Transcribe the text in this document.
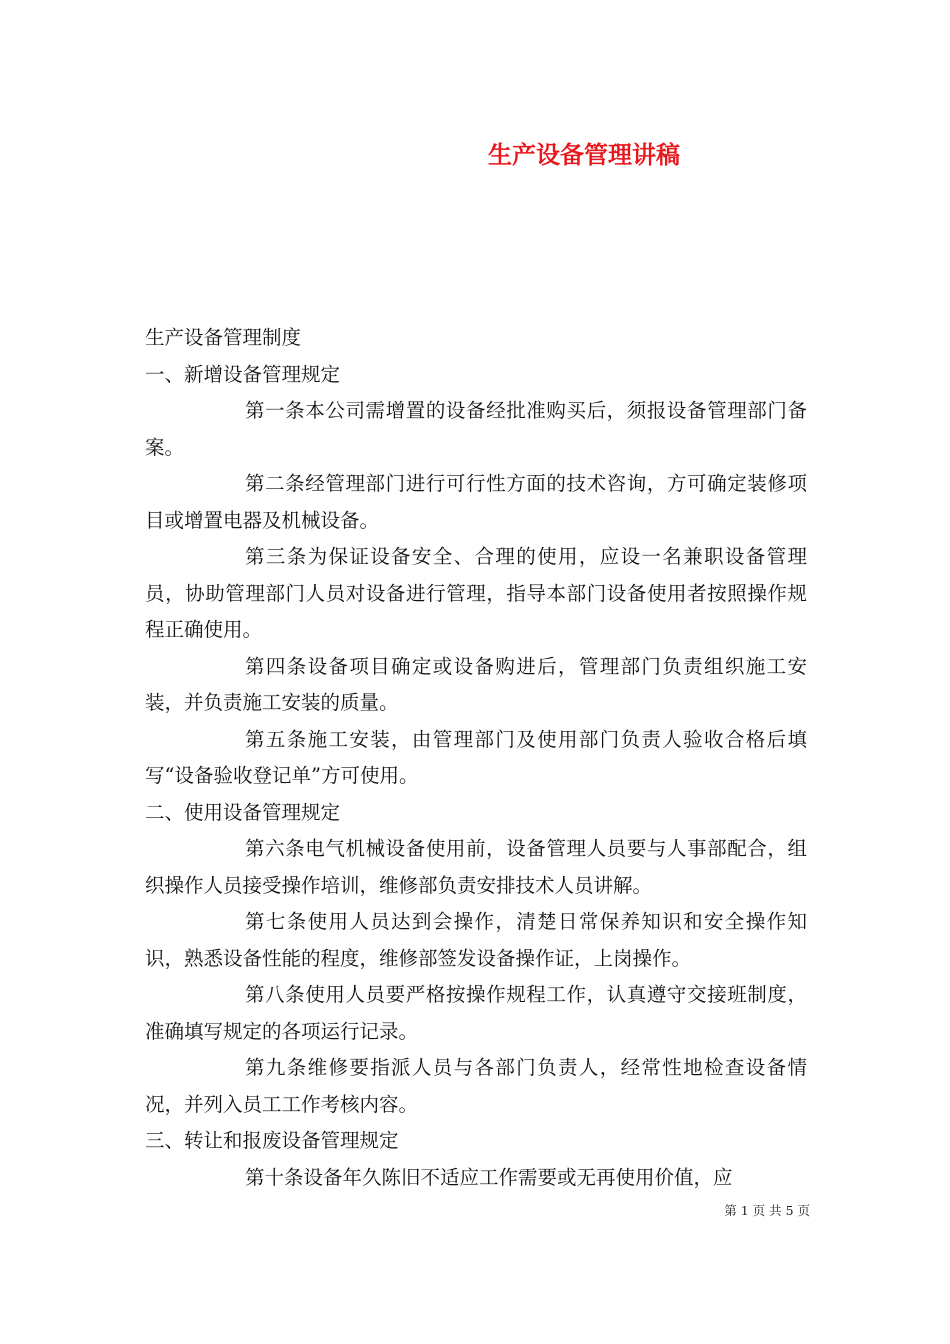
生产设备管理讲稿

生产设备管理制度

一、新增设备管理规定

第一条本公司需增置的设备经批准购买后，须报设备管理部门备案。

第二条经管理部门进行可行性方面的技术咨询，方可确定装修项目或增置电器及机械设备。

第三条为保证设备安全、合理的使用，应设一名兼职设备管理员，协助管理部门人员对设备进行管理，指导本部门设备使用者按照操作规程正确使用。

第四条设备项目确定或设备购进后，管理部门负责组织施工安装，并负责施工安装的质量。

第五条施工安装，由管理部门及使用部门负责人验收合格后填写“设备验收登记单”方可使用。

二、使用设备管理规定

第六条电气机械设备使用前，设备管理人员要与人事部配合，组织操作人员接受操作培训，维修部负责安排技术人员讲解。

第七条使用人员达到会操作，清楚日常保养知识和安全操作知识，熟悉设备性能的程度，维修部签发设备操作证，上岗操作。

第八条使用人员要严格按操作规程工作，认真遵守交接班制度，准确填写规定的各项运行记录。

第九条维修要指派人员与各部门负责人，经常性地检查设备情况，并列入员工工作考核内容。

三、转让和报废设备管理规定

第十条设备年久陈旧不适应工作需要或无再使用价值，应

第 1 页 共 5 页
